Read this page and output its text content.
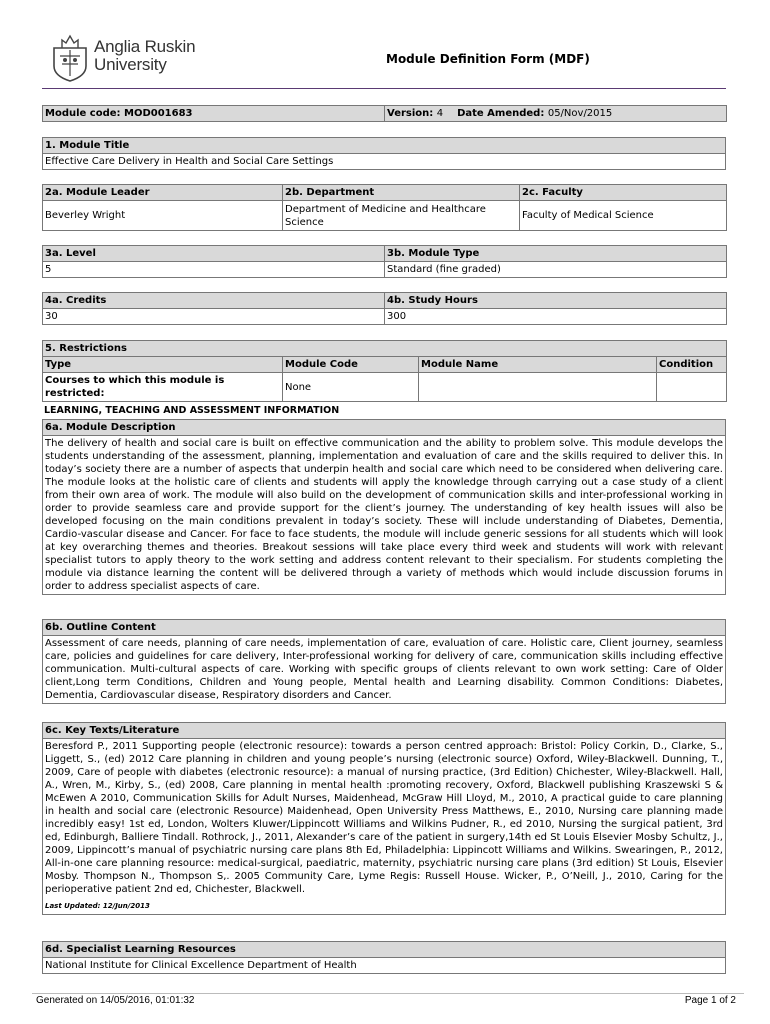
Anglia Ruskin
University	Module Definition Form (MDF)
Module code: MOD001683	Version: 4 Date Amended: 05/Nov/2015
1. Module Title
Effective Care Delivery in Health and Social Care Settings
2a. Module Leader	2b. Department	2c. Faculty
Beverley Wright	Department of Medicine and Healthcare Science	Faculty of Medical Science
3a. Level	3b. Module Type
5	Standard (fine graded)
4a. Credits	4b. Study Hours
30	300
5. Restrictions			
Type	Module Code	Module Name	Condition
Courses to which this module is restricted:	None		
LEARNING, TEACHING AND ASSESSMENT INFORMATION
6a. Module Description
The delivery of health and social care is built on effective communication and the ability to problem solve. This module develops the students understanding of the assessment, planning, implementation and evaluation of care and the skills required to deliver this. In today’s society there are a number of aspects that underpin health and social care which need to be considered when delivering care. The module looks at the holistic care of clients and students will apply the knowledge through carrying out a case study of a client from their own area of work. The module will also build on the development of communication skills and inter-professional working in order to provide seamless care and provide support for the client’s journey. The understanding of key health issues will also be developed focusing on the main conditions prevalent in today’s society. These will include understanding of Diabetes, Dementia, Cardio-vascular disease and Cancer. For face to face students, the module will include generic sessions for all students which will look at key overarching themes and theories. Breakout sessions will take place every third week and students will work with relevant specialist tutors to apply theory to the work setting and address content relevant to their specialism. For students completing the module via distance learning the content will be delivered through a variety of methods which would include discussion forums in order to address specialist aspects of care.
6b. Outline Content
Assessment of care needs, planning of care needs, implementation of care, evaluation of care. Holistic care, Client journey, seamless care, policies and guidelines for care delivery, Inter-professional working for delivery of care, communication skills including effective communication. Multi-cultural aspects of care. Working with specific groups of clients relevant to own work setting: Care of Older client,Long term Conditions, Children and Young people, Mental health and Learning disability. Common Conditions: Diabetes, Dementia, Cardiovascular disease, Respiratory disorders and Cancer.
6c. Key Texts/Literature

Beresford P., 2011 Supporting people (electronic resource): towards a person centred approach: Bristol: Policy Corkin, D., Clarke, S., Liggett, S., (ed) 2012 Care planning in children and young people’s nursing (electronic source) Oxford, Wiley-Blackwell. Dunning, T., 2009, Care of people with diabetes (electronic resource): a manual of nursing practice, (3rd Edition) Chichester, Wiley-Blackwell. Hall, A., Wren, M., Kirby, S., (ed) 2008, Care planning in mental health :promoting recovery, Oxford, Blackwell publishing Kraszewski S & McEwen A 2010, Communication Skills for Adult Nurses, Maidenhead, McGraw Hill Lloyd, M., 2010, A practical guide to care planning in health and social care (electronic Resource) Maidenhead, Open University Press Matthews, E., 2010, Nursing care planning made incredibly easy! 1st ed, London, Wolters Kluwer/Lippincott Williams and Wilkins Pudner, R., ed 2010, Nursing the surgical patient, 3rd ed, Edinburgh, Balliere Tindall. Rothrock, J., 2011, Alexander’s care of the patient in surgery,14th ed St Louis Elsevier Mosby Schultz, J., 2009, Lippincott’s manual of psychiatric nursing care plans 8th Ed, Philadelphia: Lippincott Williams and Wilkins. Swearingen, P., 2012, All-in-one care planning resource: medical-surgical, paediatric, maternity, psychiatric nursing care plans (3rd edition) St Louis, Elsevier Mosby. Thompson N., Thompson S,. 2005 Community Care, Lyme Regis: Russell House. Wicker, P., O’Neill, J., 2010, Caring for the perioperative patient 2nd ed, Chichester, Blackwell.
Last Updated: 12/Jun/2013
6d. Specialist Learning Resources
National Institute for Clinical Excellence Department of Health
Generated on 14/05/2016, 01:01:32	Page 1 of 2
